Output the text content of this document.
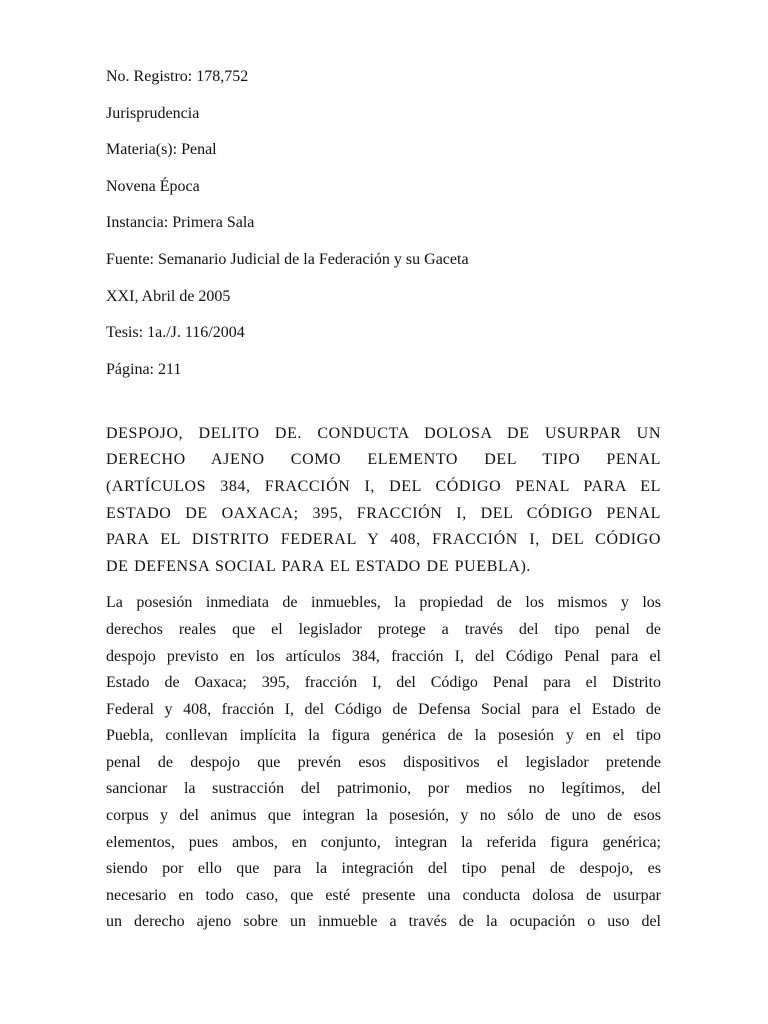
No. Registro: 178,752
Jurisprudencia
Materia(s): Penal
Novena Época
Instancia: Primera Sala
Fuente: Semanario Judicial de la Federación y su Gaceta
XXI, Abril de 2005
Tesis: 1a./J. 116/2004
Página: 211
DESPOJO, DELITO DE. CONDUCTA DOLOSA DE USURPAR UN
DERECHO AJENO COMO ELEMENTO DEL TIPO PENAL
(ARTÍCULOS 384, FRACCIÓN I, DEL CÓDIGO PENAL PARA EL
ESTADO DE OAXACA; 395, FRACCIÓN I, DEL CÓDIGO PENAL
PARA EL DISTRITO FEDERAL Y 408, FRACCIÓN I, DEL CÓDIGO
DE DEFENSA SOCIAL PARA EL ESTADO DE PUEBLA).
La posesión inmediata de inmuebles, la propiedad de los mismos y los
derechos reales que el legislador protege a través del tipo penal de
despojo previsto en los artículos 384, fracción I, del Código Penal para el
Estado de Oaxaca; 395, fracción I, del Código Penal para el Distrito
Federal y 408, fracción I, del Código de Defensa Social para el Estado de
Puebla, conllevan implícita la figura genérica de la posesión y en el tipo
penal de despojo que prevén esos dispositivos el legislador pretende
sancionar la sustracción del patrimonio, por medios no legítimos, del
corpus y del animus que integran la posesión, y no sólo de uno de esos
elementos, pues ambos, en conjunto, integran la referida figura genérica;
siendo por ello que para la integración del tipo penal de despojo, es
necesario en todo caso, que esté presente una conducta dolosa de usurpar
un derecho ajeno sobre un inmueble a través de la ocupación o uso del
